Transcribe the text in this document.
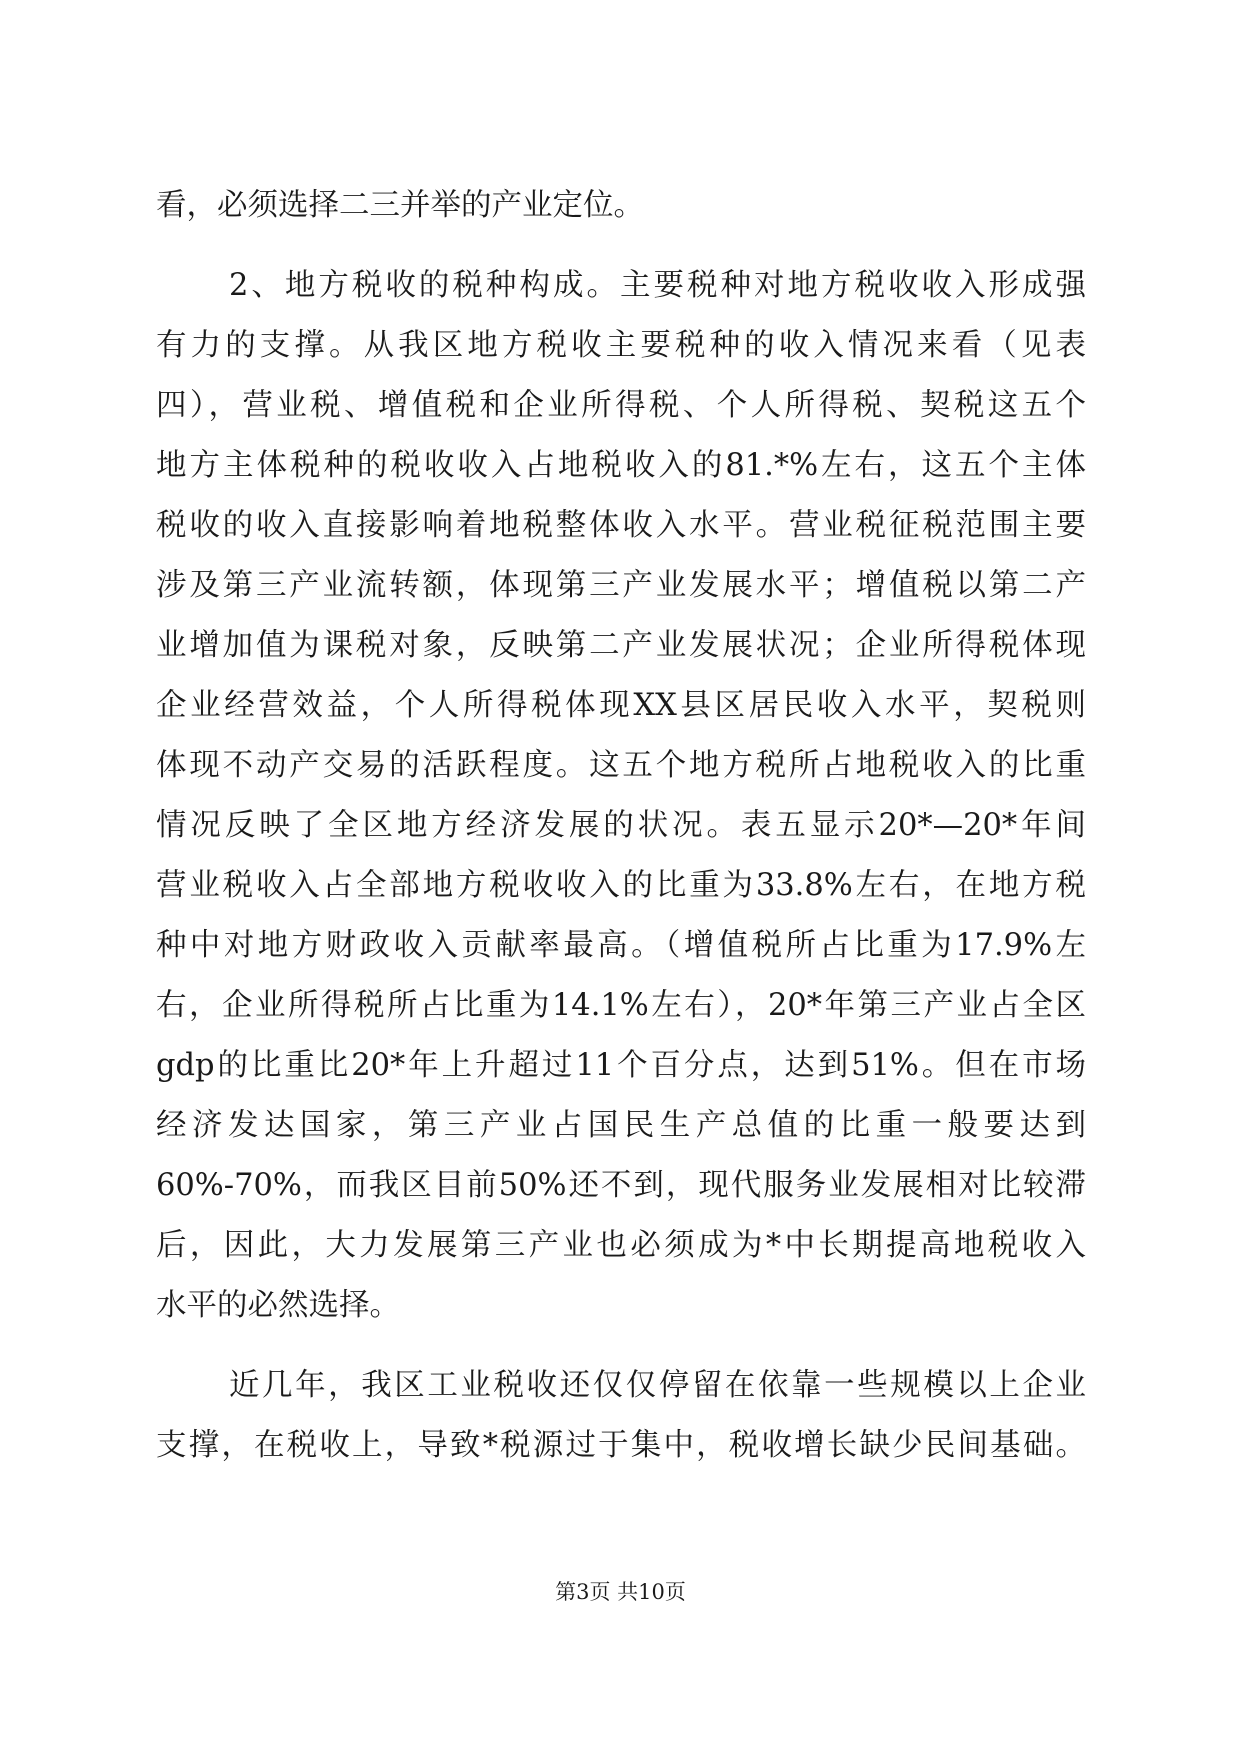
看，必须选择二三并举的产业定位。
2、地方税收的税种构成。主要税种对地方税收收入形成强
有力的支撑。从我区地方税收主要税种的收入情况来看（见表
四），营业税、增值税和企业所得税、个人所得税、契税这五个
地方主体税种的税收收入占地税收入的81.*%左右，这五个主体
税收的收入直接影响着地税整体收入水平。营业税征税范围主要
涉及第三产业流转额，体现第三产业发展水平；增值税以第二产
业增加值为课税对象，反映第二产业发展状况；企业所得税体现
企业经营效益，个人所得税体现XX县区居民收入水平，契税则
体现不动产交易的活跃程度。这五个地方税所占地税收入的比重
情况反映了全区地方经济发展的状况。表五显示20*—20*年间
营业税收入占全部地方税收收入的比重为33.8%左右，在地方税
种中对地方财政收入贡献率最高。（增值税所占比重为17.9%左
右，企业所得税所占比重为14.1%左右），20*年第三产业占全区
gdp的比重比20*年上升超过11个百分点，达到51%。但在市场
经济发达国家，第三产业占国民生产总值的比重一般要达到
60%-70%，而我区目前50%还不到，现代服务业发展相对比较滞
后，因此，大力发展第三产业也必须成为*中长期提高地税收入
水平的必然选择。
近几年，我区工业税收还仅仅停留在依靠一些规模以上企业
支撑，在税收上，导致*税源过于集中，税收增长缺少民间基础。
第3页 共10页
